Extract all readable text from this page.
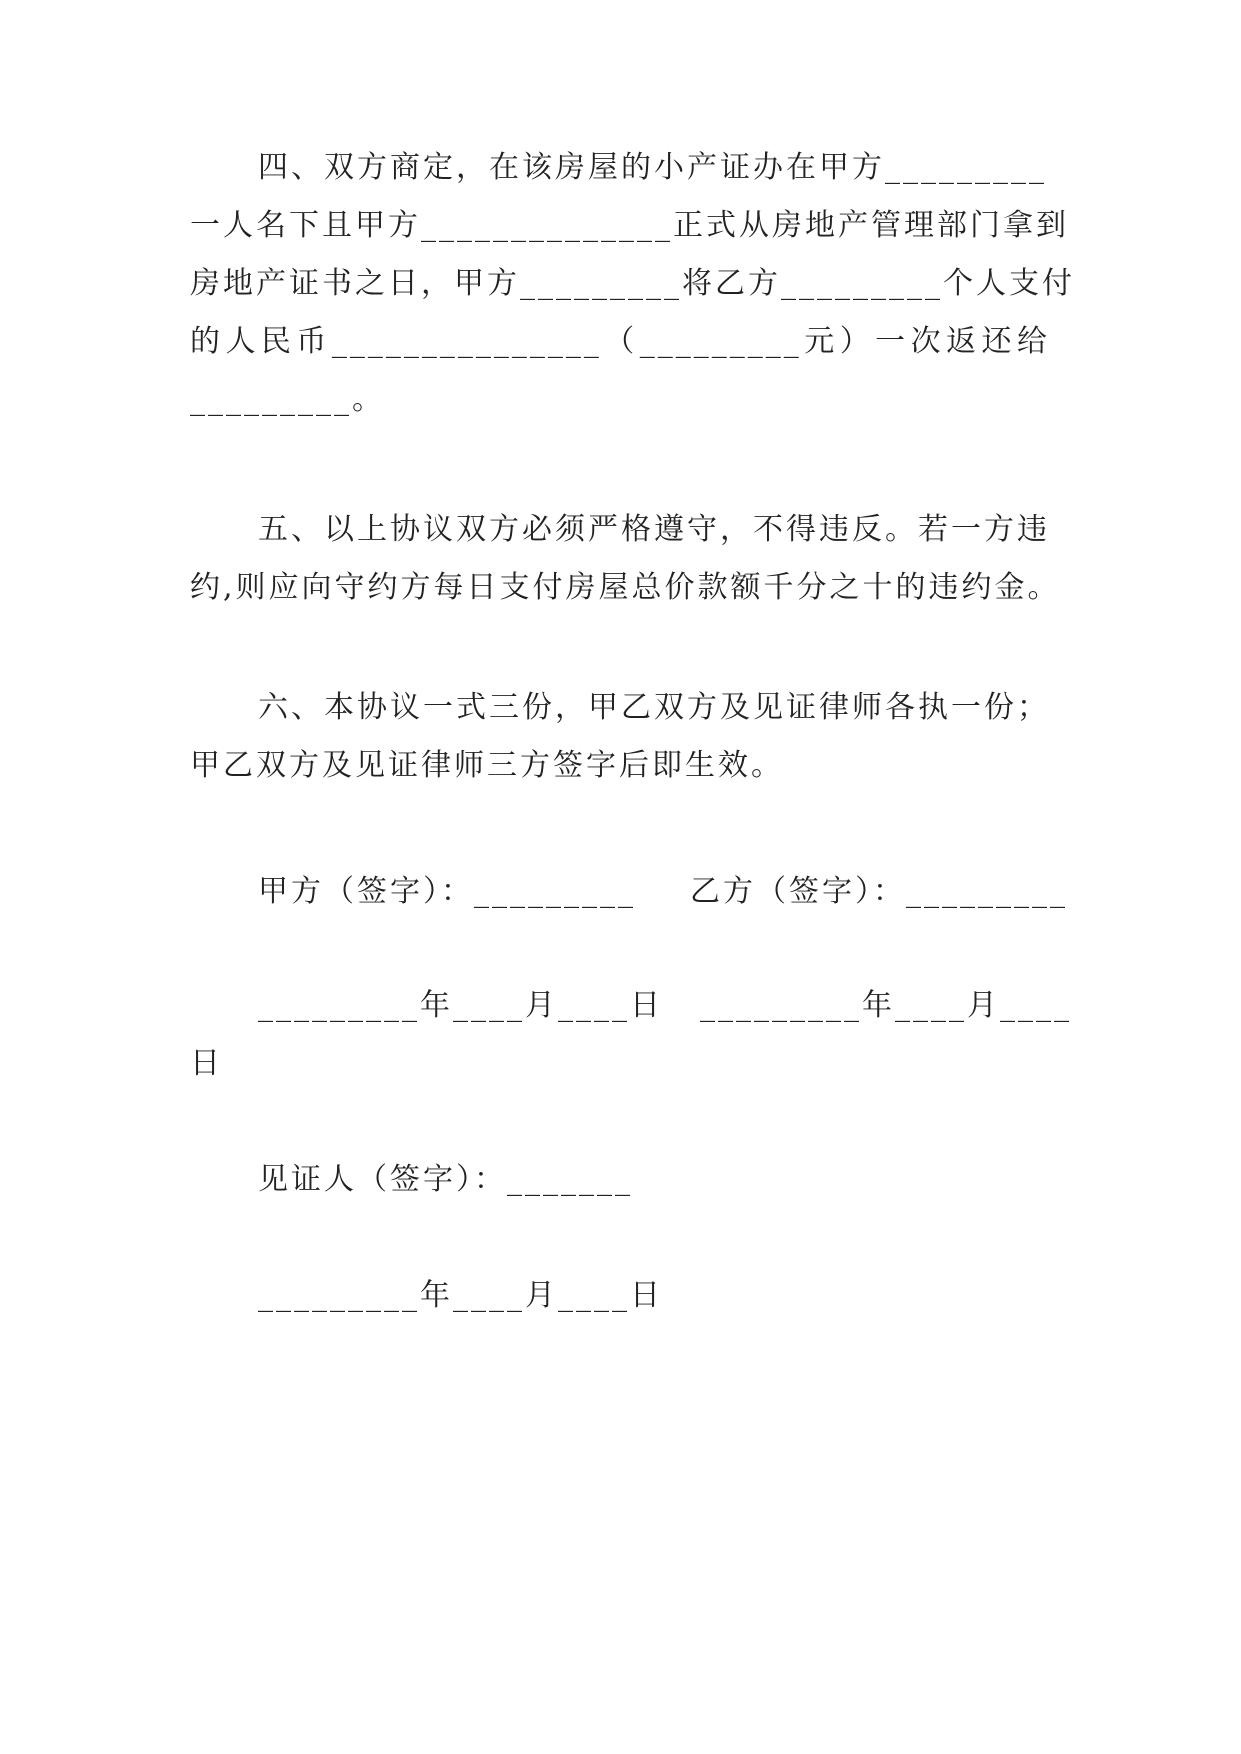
四、双方商定，在该房屋的小产证办在甲方_________
一人名下且甲方______________正式从房地产管理部门拿到
房地产证书之日，甲方_________将乙方_________个人支付
的人民币_______________（_________元）一次返还给
_________。
五、以上协议双方必须严格遵守，不得违反。若一方违
约,则应向守约方每日支付房屋总价款额千分之十的违约金。
六、本协议一式三份，甲乙双方及见证律师各执一份；
甲乙双方及见证律师三方签字后即生效。
甲方（签字）：_________ 乙方（签字）：_________
_________年____月____日 _________年____月____
日
见证人（签字）：_______
_________年____月____日
